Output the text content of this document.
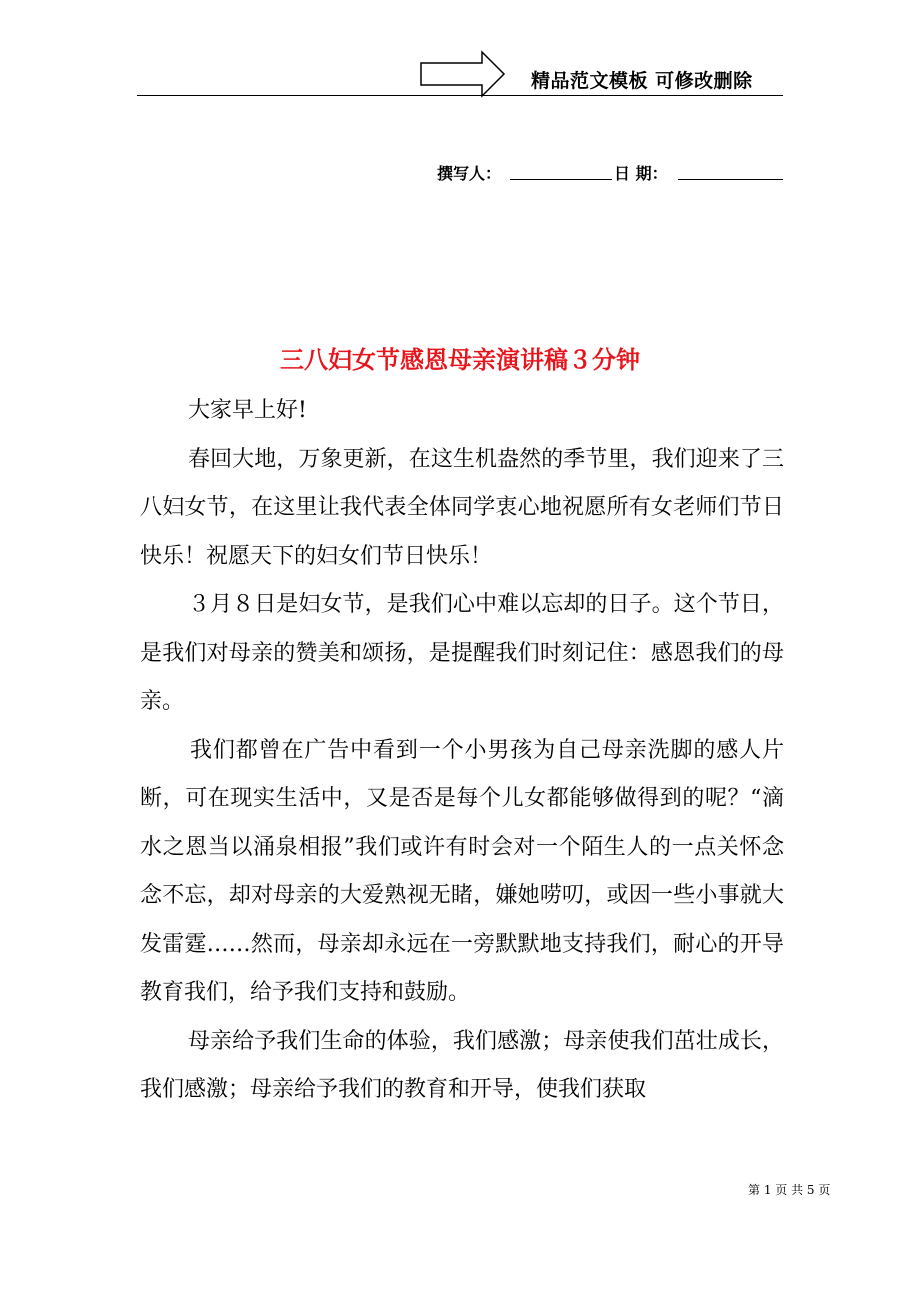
精品范文模板 可修改删除
撰写人：	日 期：
三八妇女节感恩母亲演讲稿３分钟

大家早上好!

春回大地，万象更新，在这生机盎然的季节里，我们迎来了三八妇女节，在这里让我代表全体同学衷心地祝愿所有女老师们节日快乐！祝愿天下的妇女们节日快乐！

３月８日是妇女节，是我们心中难以忘却的日子。这个节日，是我们对母亲的赞美和颂扬，是提醒我们时刻记住：感恩我们的母亲。

我们都曾在广告中看到一个小男孩为自己母亲洗脚的感人片断，可在现实生活中，又是否是每个儿女都能够做得到的呢？“滴水之恩当以涌泉相报”我们或许有时会对一个陌生人的一点关怀念念不忘，却对母亲的大爱熟视无睹，嫌她唠叨，或因一些小事就大发雷霆……然而，母亲却永远在一旁默默地支持我们，耐心的开导教育我们，给予我们支持和鼓励。

母亲给予我们生命的体验，我们感激；母亲使我们茁壮成长，我们感激；母亲给予我们的教育和开导，使我们获取

第 1 页 共 5 页
